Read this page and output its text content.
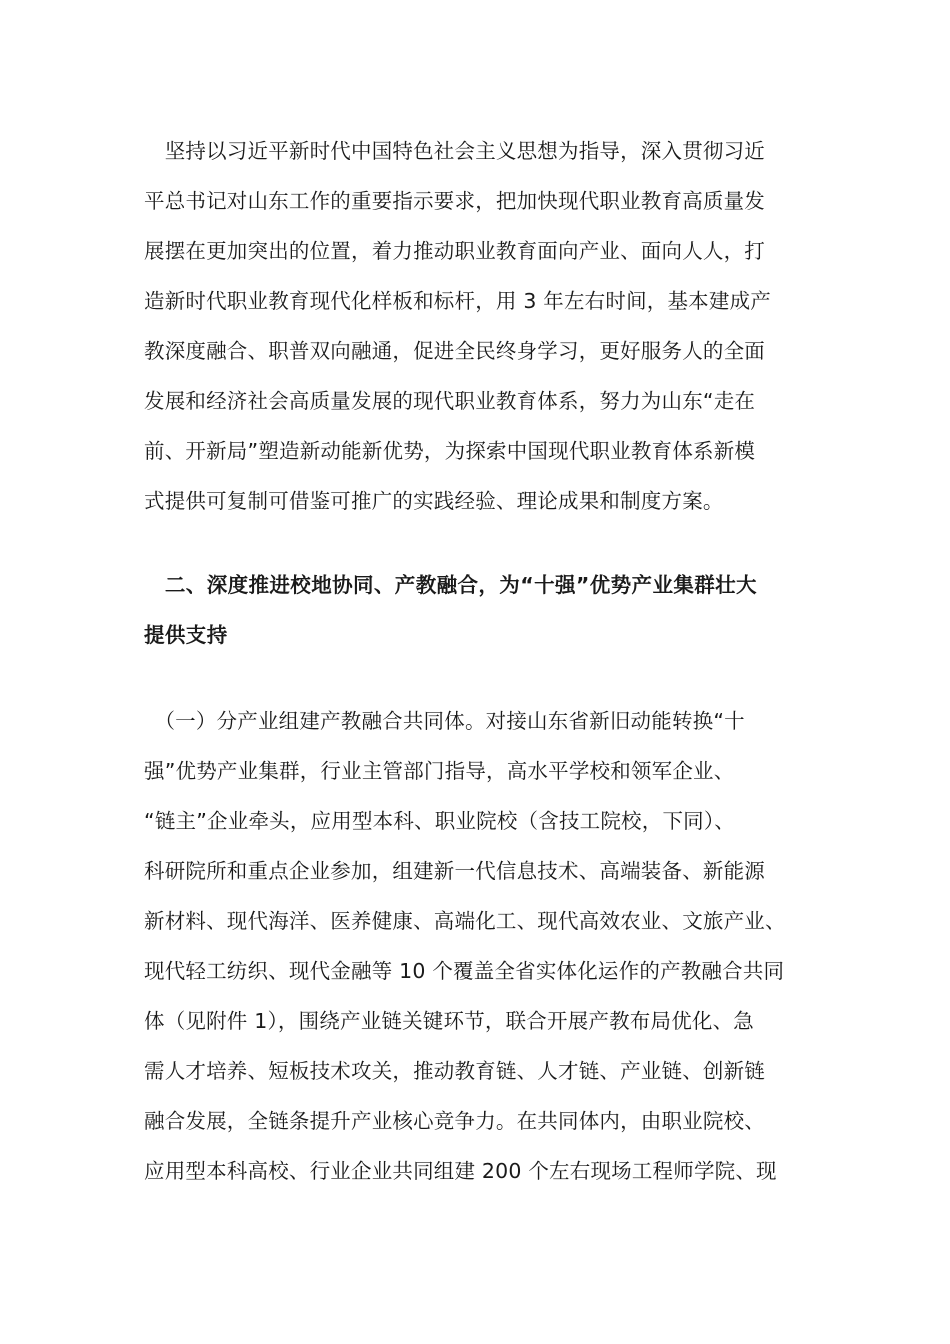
　坚持以习近平新时代中国特色社会主义思想为指导，深入贯彻习近
平总书记对山东工作的重要指示要求，把加快现代职业教育高质量发
展摆在更加突出的位置，着力推动职业教育面向产业、面向人人，打
造新时代职业教育现代化样板和标杆，用 3 年左右时间，基本建成产
教深度融合、职普双向融通，促进全民终身学习，更好服务人的全面
发展和经济社会高质量发展的现代职业教育体系，努力为山东“走在
前、开新局”塑造新动能新优势，为探索中国现代职业教育体系新模
式提供可复制可借鉴可推广的实践经验、理论成果和制度方案。
　二、深度推进校地协同、产教融合，为“十强”优势产业集群壮大
提供支持
　（一）分产业组建产教融合共同体。对接山东省新旧动能转换“十
强”优势产业集群，行业主管部门指导，高水平学校和领军企业、
“链主”企业牵头，应用型本科、职业院校（含技工院校，下同）、
科研院所和重点企业参加，组建新一代信息技术、高端装备、新能源
新材料、现代海洋、医养健康、高端化工、现代高效农业、文旅产业、
现代轻工纺织、现代金融等 10 个覆盖全省实体化运作的产教融合共同
体（见附件 1），围绕产业链关键环节，联合开展产教布局优化、急
需人才培养、短板技术攻关，推动教育链、人才链、产业链、创新链
融合发展，全链条提升产业核心竞争力。在共同体内，由职业院校、
应用型本科高校、行业企业共同组建 200 个左右现场工程师学院、现
